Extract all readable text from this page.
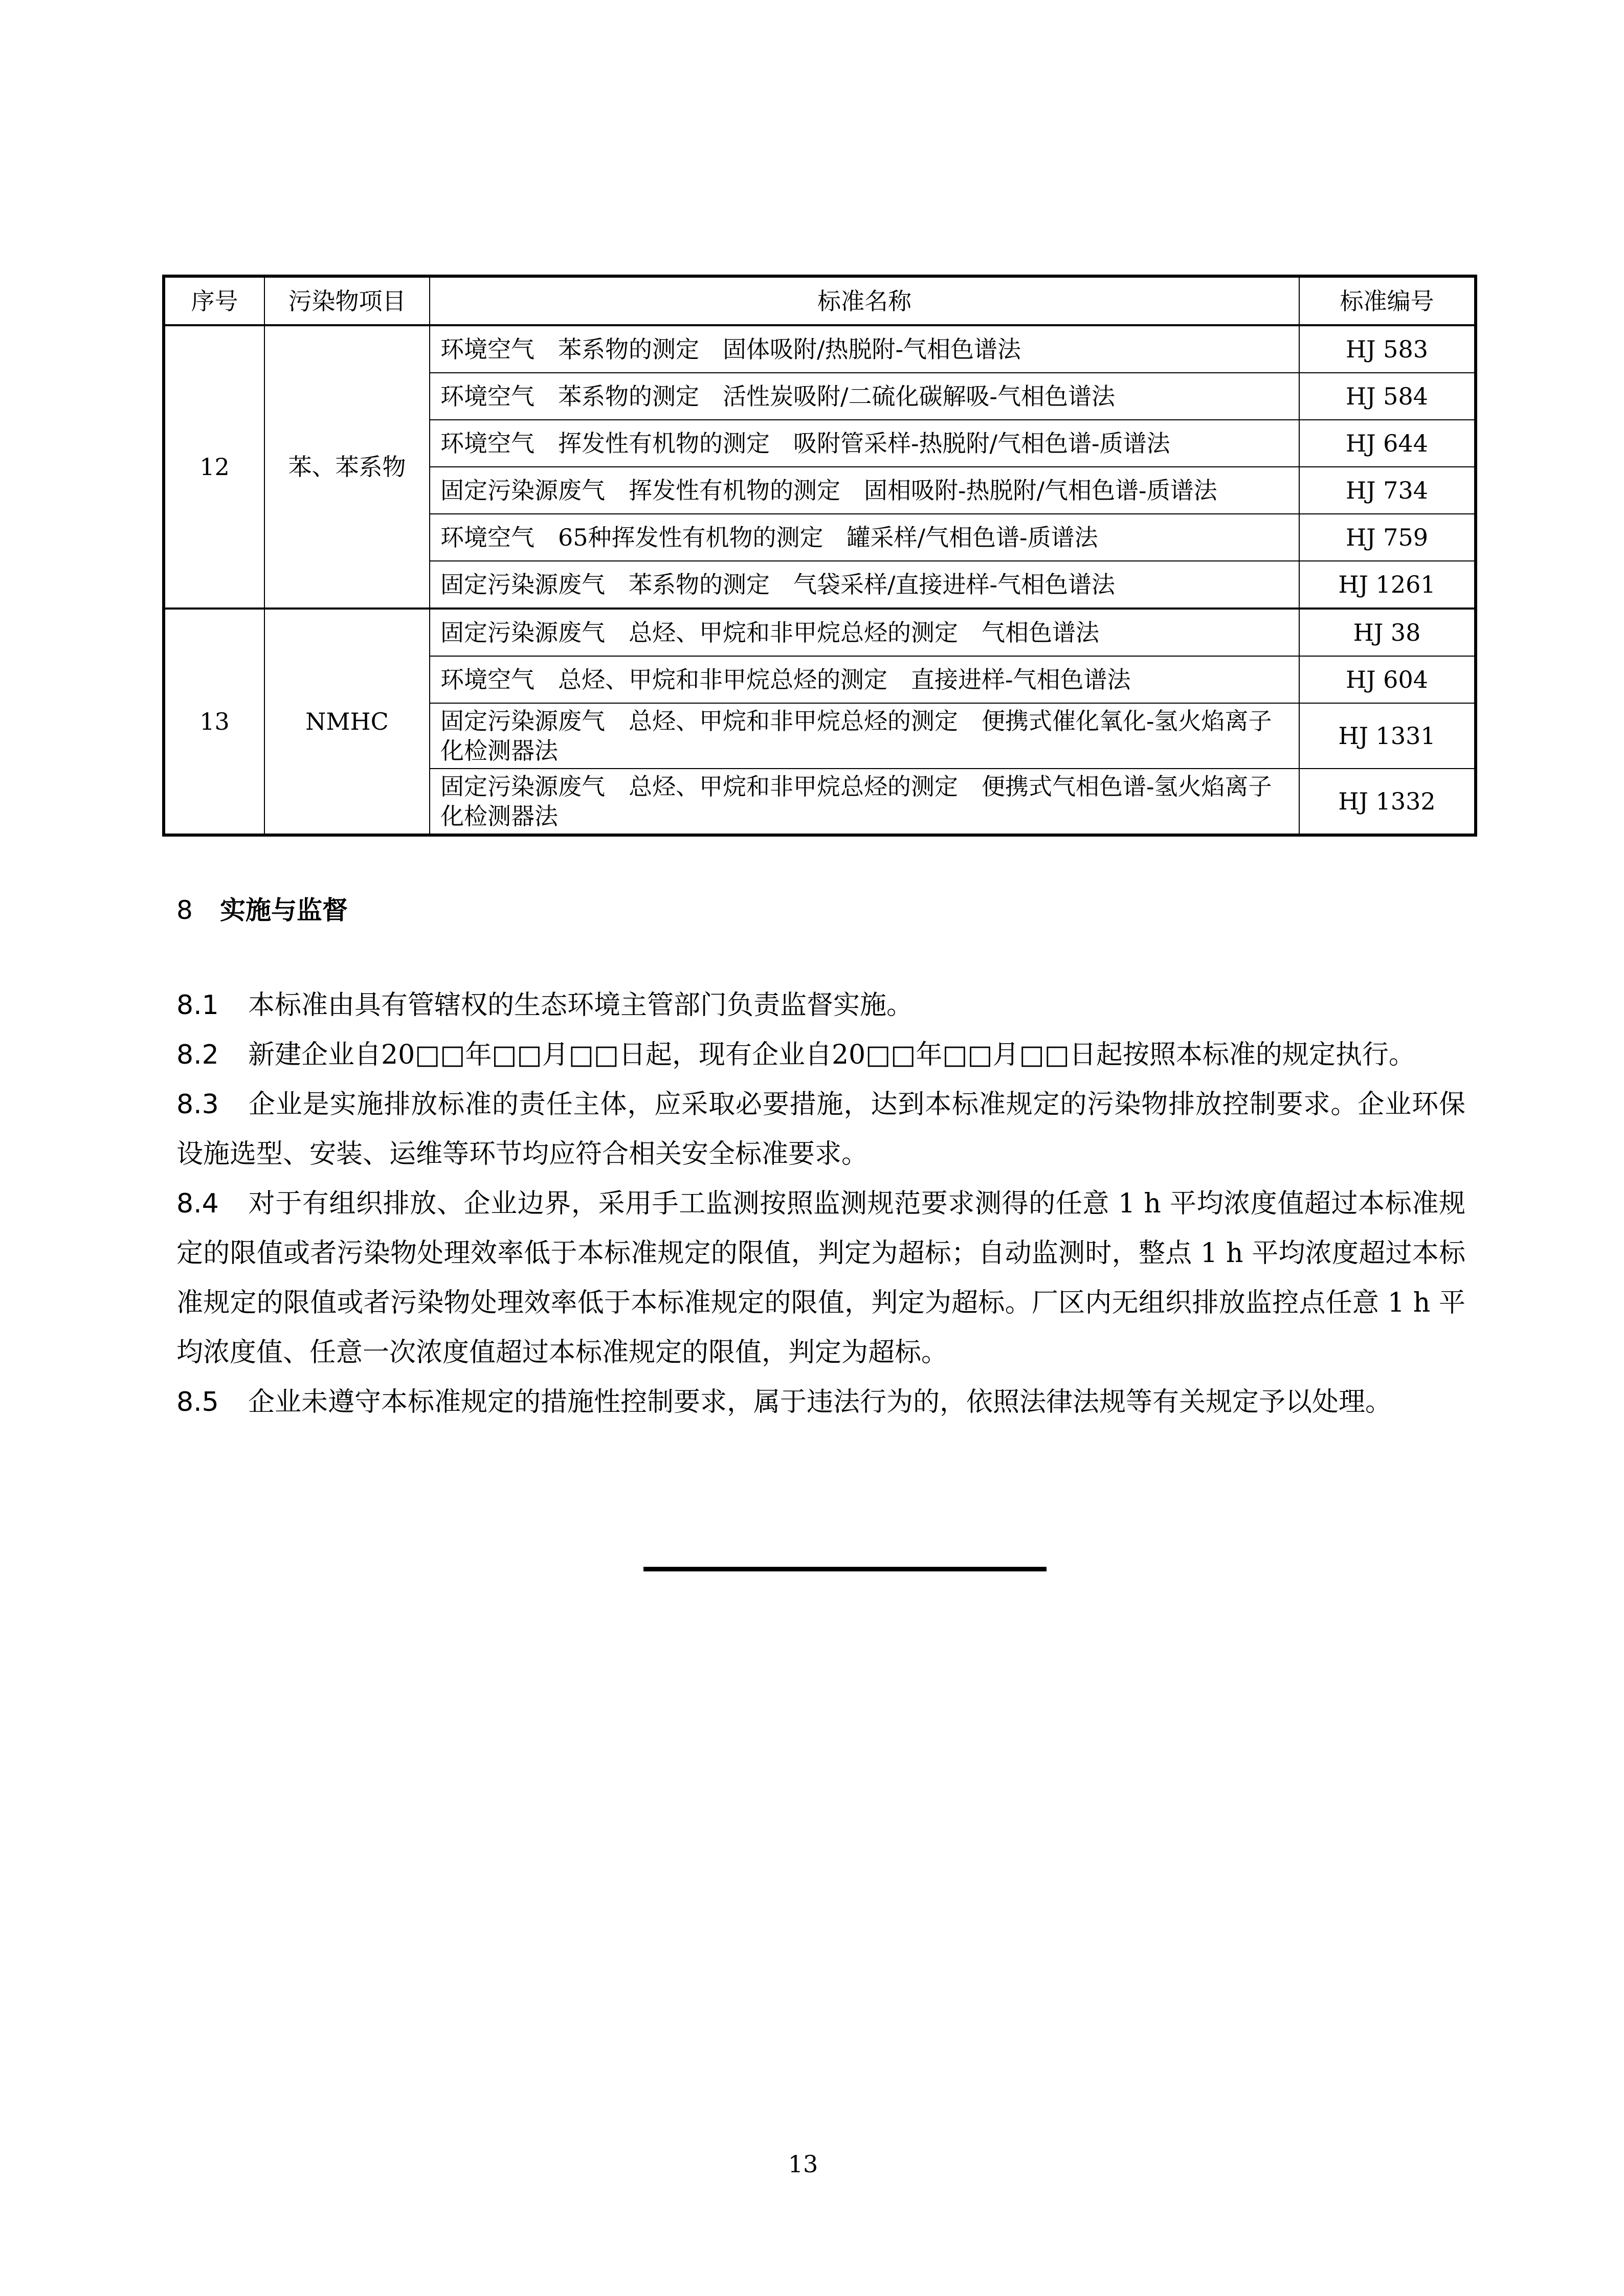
序号	污染物项目	标准名称	标准编号
12	苯、苯系物	环境空气　苯系物的测定　固体吸附/热脱附-气相色谱法	HJ 583
		环境空气　苯系物的测定　活性炭吸附/二硫化碳解吸-气相色谱法	HJ 584
		环境空气　挥发性有机物的测定　吸附管采样-热脱附/气相色谱-质谱法	HJ 644
		固定污染源废气　挥发性有机物的测定　固相吸附-热脱附/气相色谱-质谱法	HJ 734
		环境空气　65种挥发性有机物的测定　罐采样/气相色谱-质谱法	HJ 759
		固定污染源废气　苯系物的测定　气袋采样/直接进样-气相色谱法	HJ 1261
13	NMHC	固定污染源废气　总烃、甲烷和非甲烷总烃的测定　气相色谱法	HJ 38
		环境空气　总烃、甲烷和非甲烷总烃的测定　直接进样-气相色谱法	HJ 604
		固定污染源废气　总烃、甲烷和非甲烷总烃的测定　便携式催化氧化-氢火焰离子化检测器法	HJ 1331
		固定污染源废气　总烃、甲烷和非甲烷总烃的测定　便携式气相色谱-氢火焰离子化检测器法	HJ 1332
8 实施与监督

8.1 本标准由具有管辖权的生态环境主管部门负责监督实施。

8.2 新建企业自20□□年□□月□□日起，现有企业自20□□年□□月□□日起按照本标准的规定执行。

8.3 企业是实施排放标准的责任主体，应采取必要措施，达到本标准规定的污染物排放控制要求。企业环保设施选型、安装、运维等环节均应符合相关安全标准要求。

8.4 对于有组织排放、企业边界，采用手工监测按照监测规范要求测得的任意 1 h 平均浓度值超过本标准规定的限值或者污染物处理效率低于本标准规定的限值，判定为超标；自动监测时，整点 1 h 平均浓度超过本标准规定的限值或者污染物处理效率低于本标准规定的限值，判定为超标。厂区内无组织排放监控点任意 1 h 平均浓度值、任意一次浓度值超过本标准规定的限值，判定为超标。

8.5 企业未遵守本标准规定的措施性控制要求，属于违法行为的，依照法律法规等有关规定予以处理。

13
